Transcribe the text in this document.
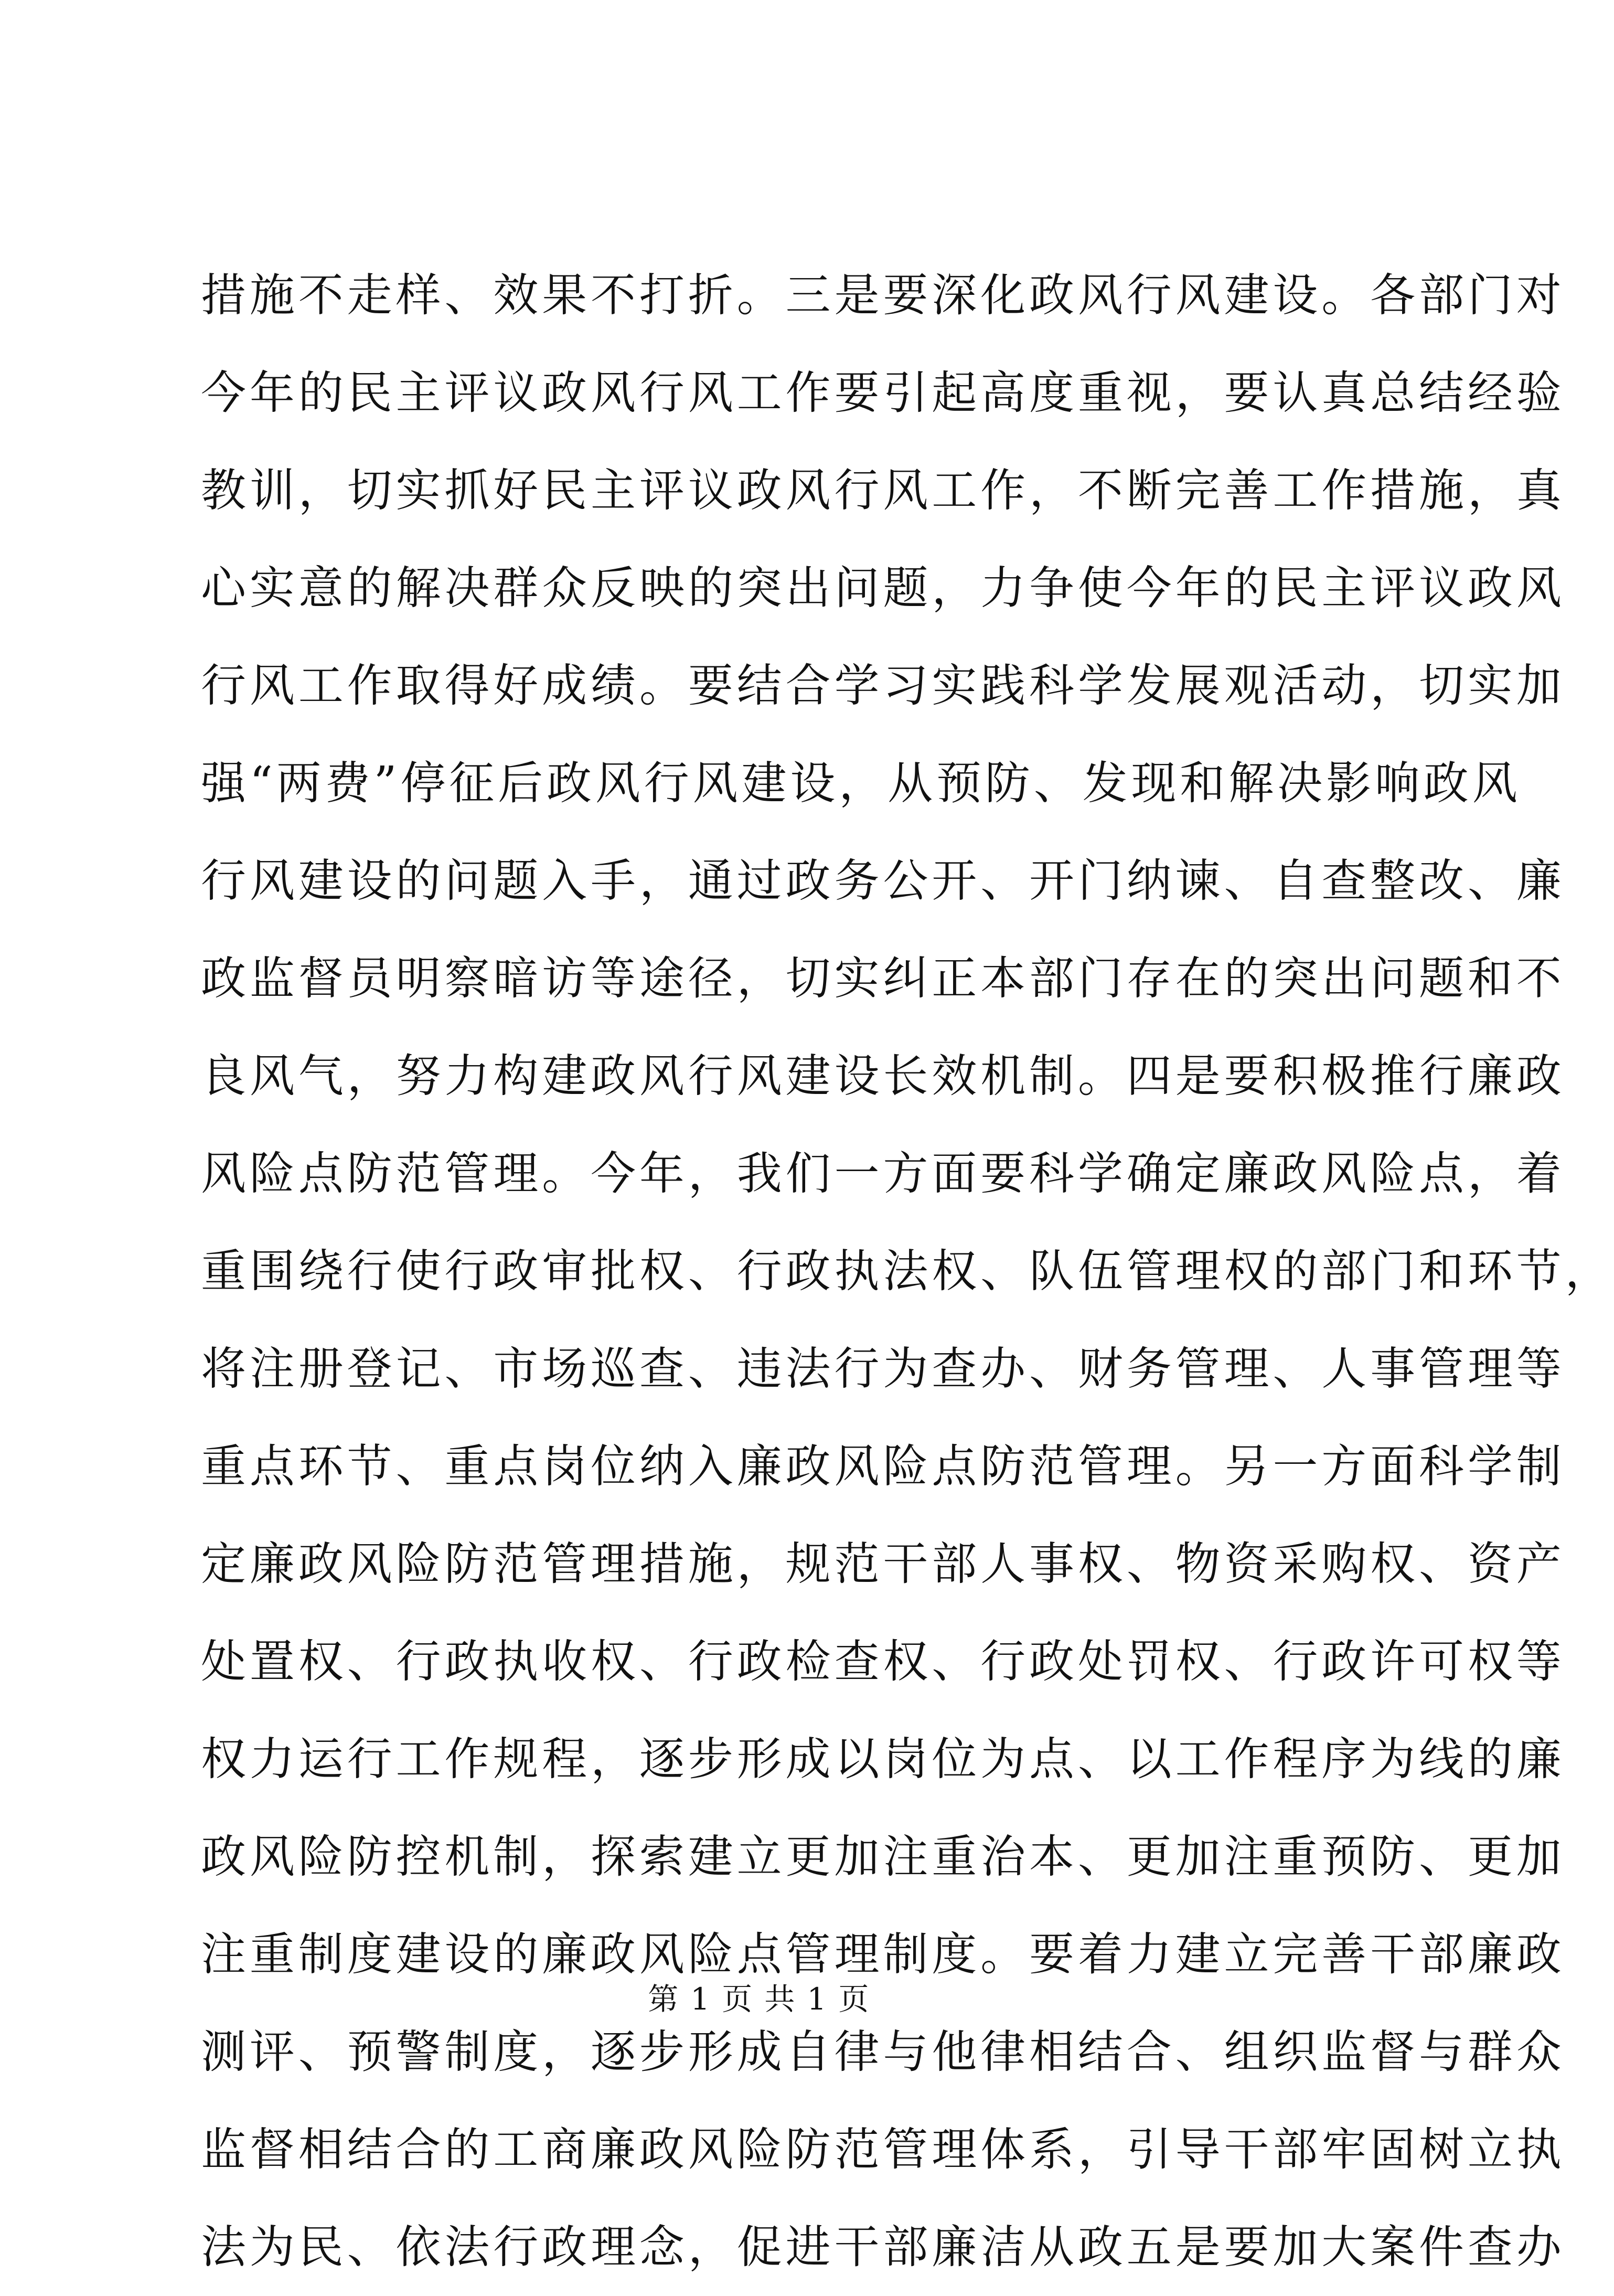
措施不走样、效果不打折。三是要深化政风行风建设。各部门对
今年的民主评议政风行风工作要引起高度重视，要认真总结经验
教训，切实抓好民主评议政风行风工作，不断完善工作措施，真
心实意的解决群众反映的突出问题，力争使今年的民主评议政风
行风工作取得好成绩。要结合学习实践科学发展观活动，切实加
强“两费”停征后政风行风建设，从预防、发现和解决影响政风
行风建设的问题入手，通过政务公开、开门纳谏、自查整改、廉
政监督员明察暗访等途径，切实纠正本部门存在的突出问题和不
良风气，努力构建政风行风建设长效机制。四是要积极推行廉政
风险点防范管理。今年，我们一方面要科学确定廉政风险点，着
重围绕行使行政审批权、行政执法权、队伍管理权的部门和环节，
将注册登记、市场巡查、违法行为查办、财务管理、人事管理等
重点环节、重点岗位纳入廉政风险点防范管理。另一方面科学制
定廉政风险防范管理措施，规范干部人事权、物资采购权、资产
处置权、行政执收权、行政检查权、行政处罚权、行政许可权等
权力运行工作规程，逐步形成以岗位为点、以工作程序为线的廉
政风险防控机制，探索建立更加注重治本、更加注重预防、更加
注重制度建设的廉政风险点管理制度。要着力建立完善干部廉政
测评、预警制度，逐步形成自律与他律相结合、组织监督与群众
监督相结合的工商廉政风险防范管理体系，引导干部牢固树立执
法为民、依法行政理念，促进干部廉洁从政五是要加大案件查办
第 1 页 共 1 页
